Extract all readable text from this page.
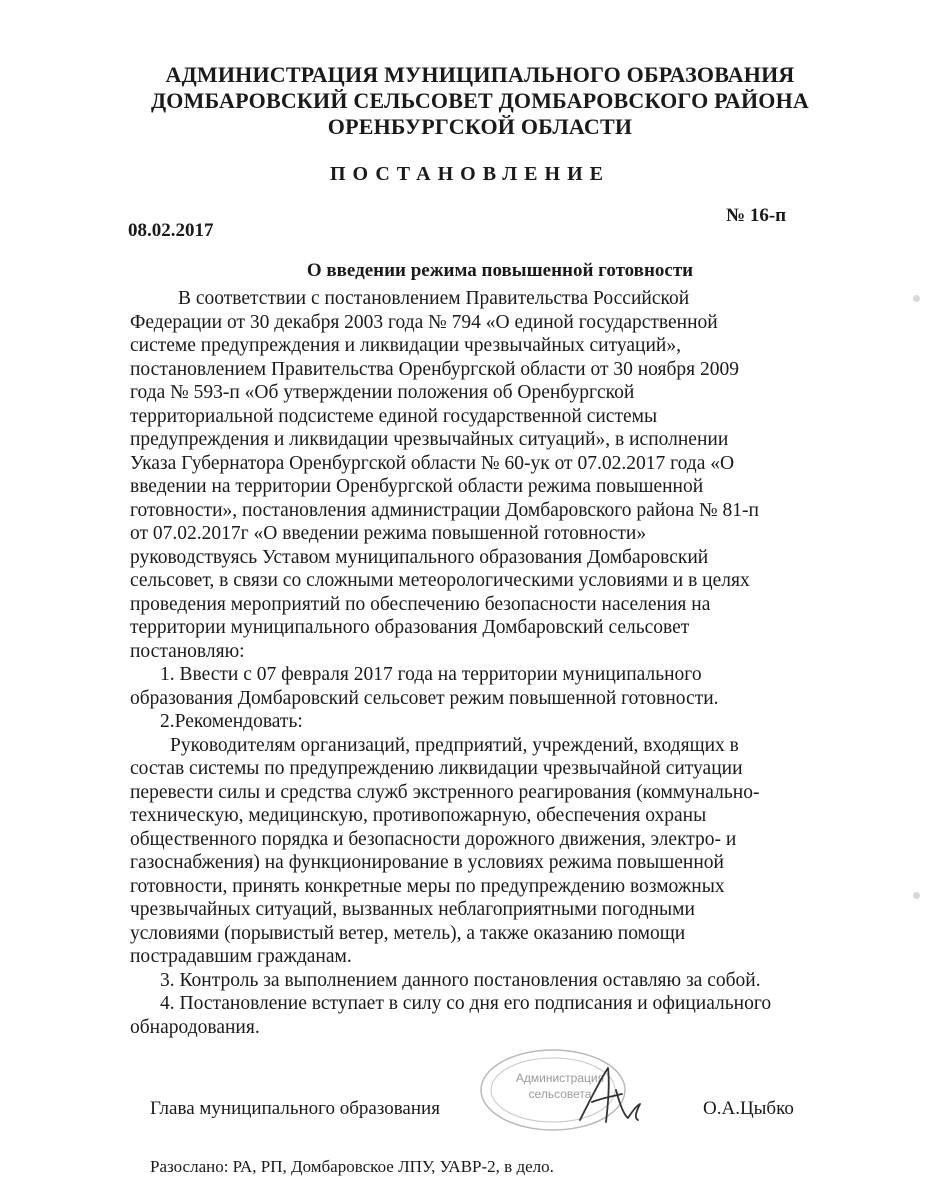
АДМИНИСТРАЦИЯ МУНИЦИПАЛЬНОГО ОБРАЗОВАНИЯ
ДОМБАРОВСКИЙ СЕЛЬСОВЕТ ДОМБАРОВСКОГО РАЙОНА
ОРЕНБУРГСКОЙ ОБЛАСТИ
ПОСТАНОВЛЕНИЕ
08.02.2017
№ 16-п
О введении режима повышенной готовности
В соответствии с постановлением Правительства Российской
Федерации от 30 декабря 2003 года № 794 «О единой государственной
системе предупреждения и ликвидации чрезвычайных ситуаций»,
постановлением Правительства Оренбургской области от 30 ноября 2009
года № 593-п «Об утверждении положения об Оренбургской
территориальной подсистеме единой государственной системы
предупреждения и ликвидации чрезвычайных ситуаций», в исполнении
Указа Губернатора Оренбургской области № 60-ук от 07.02.2017 года «О
введении на территории Оренбургской области режима повышенной
готовности», постановления администрации Домбаровского района № 81-п
от 07.02.2017г «О введении режима повышенной готовности»
руководствуясь Уставом муниципального образования Домбаровский
сельсовет, в связи со сложными метеорологическими условиями и в целях
проведения мероприятий по обеспечению безопасности населения на
территории муниципального образования Домбаровский сельсовет
постановляю:
1. Ввести с 07 февраля 2017 года на территории муниципального
образования Домбаровский сельсовет режим повышенной готовности.
2.Рекомендовать:
Руководителям организаций, предприятий, учреждений, входящих в
состав системы по предупреждению ликвидации чрезвычайной ситуации
перевести силы и средства служб экстренного реагирования (коммунально-
техническую, медицинскую, противопожарную, обеспечения охраны
общественного порядка и безопасности дорожного движения, электро- и
газоснабжения) на функционирование в условиях режима повышенной
готовности, принять конкретные меры по предупреждению возможных
чрезвычайных ситуаций, вызванных неблагоприятными погодными
условиями (порывистый ветер, метель), а также оказанию помощи
пострадавшим гражданам.
3. Контроль за выполнением данного постановления оставляю за собой.
4. Постановление вступает в силу со дня его подписания и официального
обнародования.
Администрация
сельсовета
Глава муниципального образования	О.А.Цыбко
Разослано: РА, РП, Домбаровское ЛПУ, УАВР-2, в дело.
